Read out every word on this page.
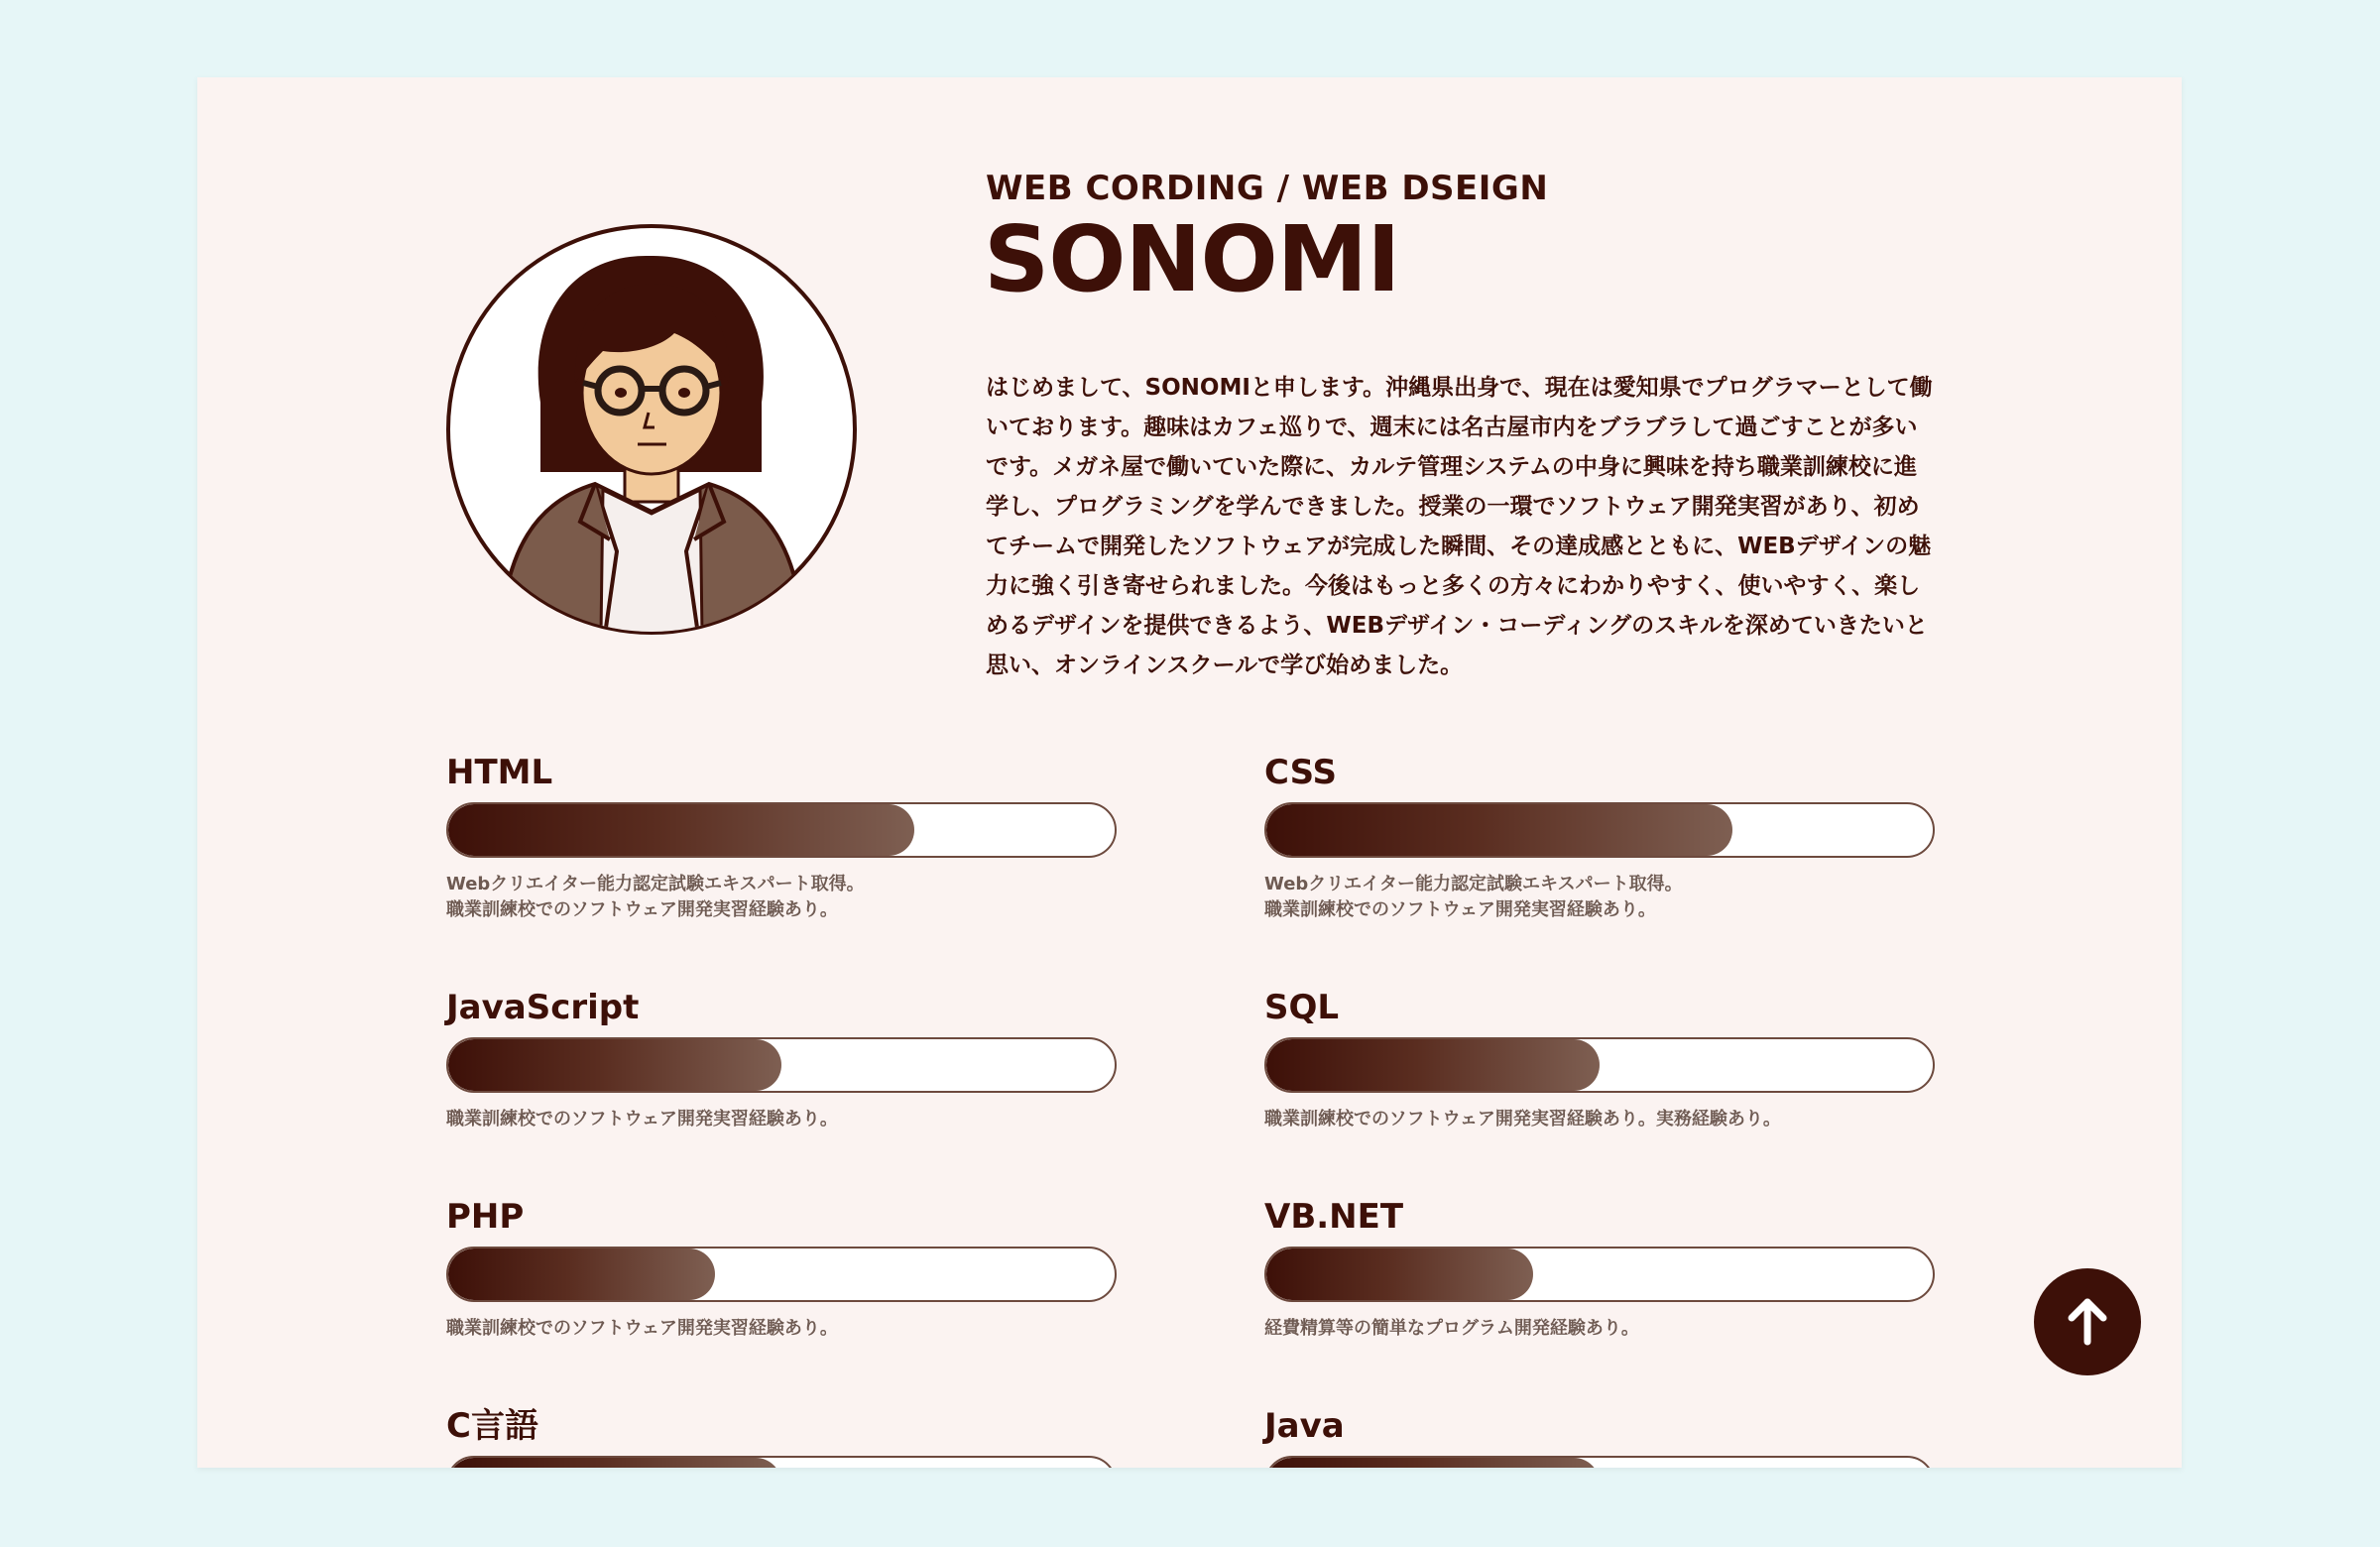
WEB CORDING / WEB DSEIGN
SONOMI
はじめまして、SONOMIと申します。沖縄県出身で、現在は愛知県でプログラマーとして働いております。趣味はカフェ巡りで、週末には名古屋市内をブラブラして過ごすことが多いです。メガネ屋で働いていた際に、カルテ管理システムの中身に興味を持ち職業訓練校に進学し、プログラミングを学んできました。授業の一環でソフトウェア開発実習があり、初めてチームで開発したソフトウェアが完成した瞬間、その達成感とともに、WEBデザインの魅力に強く引き寄せられました。今後はもっと多くの方々にわかりやすく、使いやすく、楽しめるデザインを提供できるよう、WEBデザイン・コーディングのスキルを深めていきたいと思い、オンラインスクールで学び始めました。
HTML
Webクリエイター能力認定試験エキスパート取得。
職業訓練校でのソフトウェア開発実習経験あり。
CSS
Webクリエイター能力認定試験エキスパート取得。
職業訓練校でのソフトウェア開発実習経験あり。
JavaScript
職業訓練校でのソフトウェア開発実習経験あり。
SQL
職業訓練校でのソフトウェア開発実習経験あり。実務経験あり。
PHP
職業訓練校でのソフトウェア開発実習経験あり。
VB.NET
経費精算等の簡単なプログラム開発経験あり。
C言語	Java
